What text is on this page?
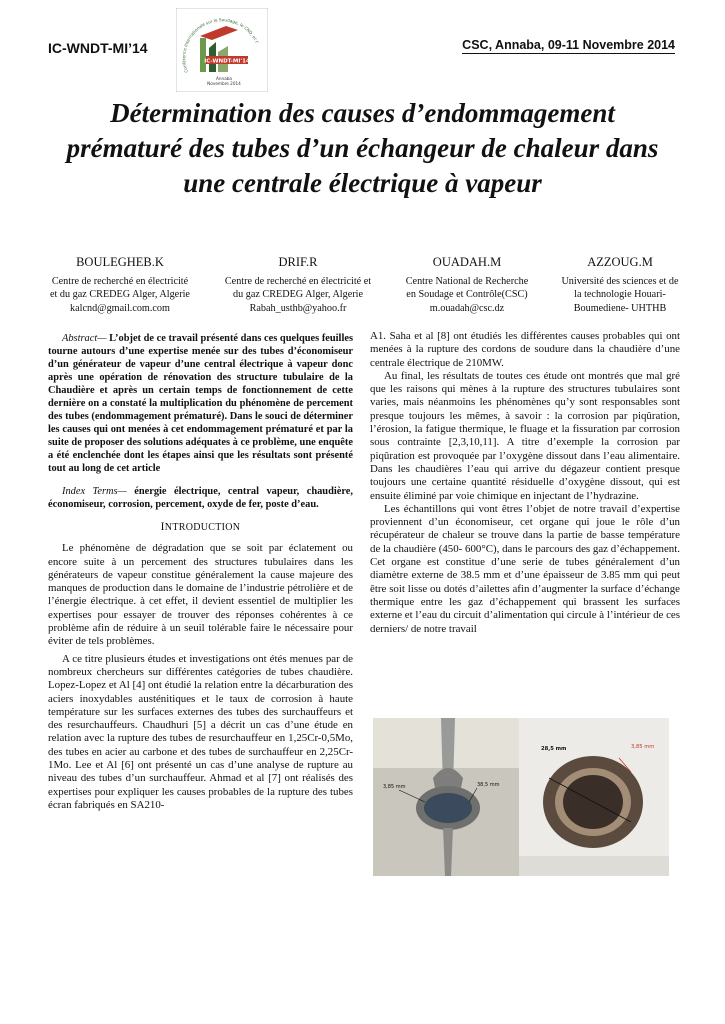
IC-WNDT-MI’14
Conférence Internationale sur le Soudage, le CND, et l'
IC-WNDT-MI'14
Annaba
Novembre 2014
CSC, Annaba, 09-11 Novembre 2014
Détermination des causes d’endommagement
prématuré des tubes d’un échangeur de chaleur dans
une centrale électrique à vapeur
BOULEGHEB.K
Centre de recherché en électricité
et du gaz CREDEG Alger, Algerie
kalcnd@gmail.com.com
DRIF.R
Centre de recherché en électricité et
du gaz CREDEG Alger, Algerie
Rabah_usthb@yahoo.fr
OUADAH.M
Centre National de Recherche
en Soudage et Contrôle(CSC)
m.ouadah@csc.dz
AZZOUG.M
Université des sciences et de
la technologie Houari-
Boumediene- UHTHB

Abstract— L’objet de ce travail présenté dans ces quelques feuilles tourne autours d’une expertise menée sur des tubes d’économiseur d’un générateur de vapeur d’une central électrique à vapeur donc après une opération de rénovation des structure tubulaire de la Chaudière et après un certain temps de fonctionnement de cette dernière on a constaté la multiplication du phénomène de percement des tubes (endommagement prématuré). Dans le souci de déterminer les causes qui ont menées à cet endommagement prématuré et par la suite de proposer des solutions adéquates à ce problème, une enquête a été enclenchée dont les étapes ainsi que les résultats sont présenté tout au long de cet article

Index Terms— énergie électrique, central vapeur, chaudière, économiseur, corrosion, percement, oxyde de fer, poste d’eau.

INTRODUCTION

Le phénomène de dégradation que se soit par éclatement ou encore suite à un percement des structures tubulaires dans les générateurs de vapeur constitue généralement la cause majeure des manques de production dans le domaine de l’industrie pétrolière et de l’énergie électrique. à cet effet, il devient essentiel de multiplier les expertises pour essayer de trouver des réponses cohérentes à ce problème afin de réduire à un seuil tolérable faire le nécessaire pour éviter de tels problèmes.

A ce titre plusieurs études et investigations ont étés menues par de nombreux chercheurs sur différentes catégories de tubes chaudière. Lopez-Lopez et Al [4] ont étudié la relation entre la décarburation des aciers inoxydables austénitiques et le taux de corrosion à haute température sur les surfaces externes des tubes des surchauffeurs et des resurchauffeurs. Chaudhuri [5] a décrit un cas d’une étude en relation avec la rupture des tubes de resurchauffeur en 1,25Cr-0,5Mo, des tubes en acier au carbone et des tubes de surchauffeur en 2,25Cr-1Mo. Lee et Al [6] ont présenté un cas d’une analyse de rupture au niveau des tubes d’un surchauffeur. Ahmad et al [7] ont réalisés des expertises pour expliquer les causes probables de la rupture des tubes écran fabriqués en SA210-

A1. Saha et al [8] ont étudiés les différentes causes probables qui ont menées à la rupture des cordons de soudure dans la chaudière d’une centrale électrique de 210MW.

Au final, les résultats de toutes ces étude ont montrés que mal gré que les raisons qui mènes à la rupture des structures tubulaires sont varies, mais néanmoins les phénomènes qu’y sont responsables sont presque toujours les mêmes, à savoir : la corrosion par piqûration, l’érosion, la fatigue thermique, le fluage et la fissuration par corrosion sous contrainte [2,3,10,11]. A titre d’exemple la corrosion par piqûration est provoquée par l’oxygène dissout dans l’eau alimentaire. Dans les chaudières l’eau qui arrive du dégazeur contient presque toujours une certaine quantité résiduelle d’oxygène dissout, qui est ensuite éliminé par voie chimique en injectant de l’hydrazine.

Les échantillons qui vont êtres l’objet de notre travail d’expertise proviennent d’un économiseur, cet organe qui joue le rôle d’un récupérateur de chaleur se trouve dans la partie de basse température de la chaudière (450- 600°C), dans le parcours des gaz d’échappement. Cet organe est constitue d’une serie de tubes généralement d’un diamètre externe de 38.5 mm et d’une épaisseur de 3.85 mm qui peut être soit lisse ou dotés d’ailettes afin d’augmenter la surface d’échange thermique entre les gaz d’échappement qui brassent les surfaces externe et l’eau du circuit d’alimentation qui circule à l’intérieur de ces derniers/ de notre travail

3,85 mm	38,5 mm
28,5 mm	3,85 mm
